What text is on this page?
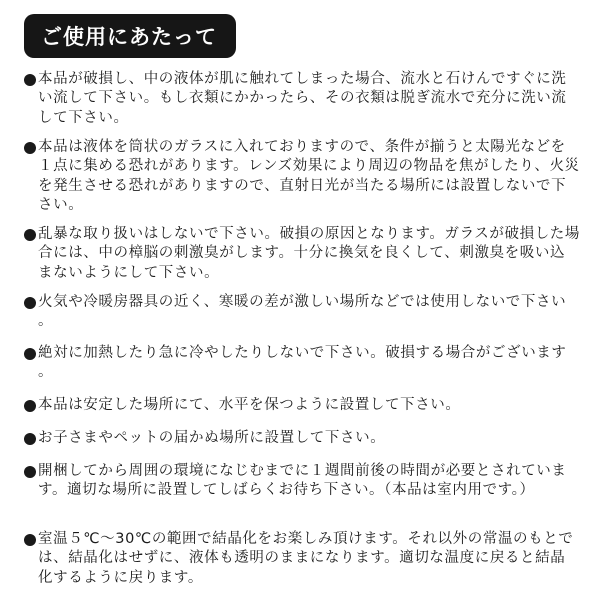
ご使用にあたって

本品が破損し、中の液体が肌に触れてしまった場合、流水と石けんですぐに洗い流して下さい。もし衣類にかかったら、その衣類は脱ぎ流水で充分に洗い流して下さい。

本品は液体を筒状のガラスに入れておりますので、条件が揃うと太陽光などを１点に集める恐れがあります。レンズ効果により周辺の物品を焦がしたり、火災を発生させる恐れがありますので、直射日光が当たる場所には設置しないで下さい。

乱暴な取り扱いはしないで下さい。破損の原因となります。ガラスが破損した場合には、中の樟脳の刺激臭がします。十分に換気を良くして、刺激臭を吸い込まないようにして下さい。

火気や冷暖房器具の近く、寒暖の差が激しい場所などでは使用しないで下さい。

絶対に加熱したり急に冷やしたりしないで下さい。破損する場合がございます。

本品は安定した場所にて、水平を保つように設置して下さい。

お子さまやペットの届かぬ場所に設置して下さい。

開梱してから周囲の環境になじむまでに１週間前後の時間が必要とされています。適切な場所に設置してしばらくお待ち下さい。（本品は室内用です。）

室温５℃～30℃の範囲で結晶化をお楽しみ頂けます。それ以外の常温のもとでは、結晶化はせずに、液体も透明のままになります。適切な温度に戻ると結晶化するように戻ります。
